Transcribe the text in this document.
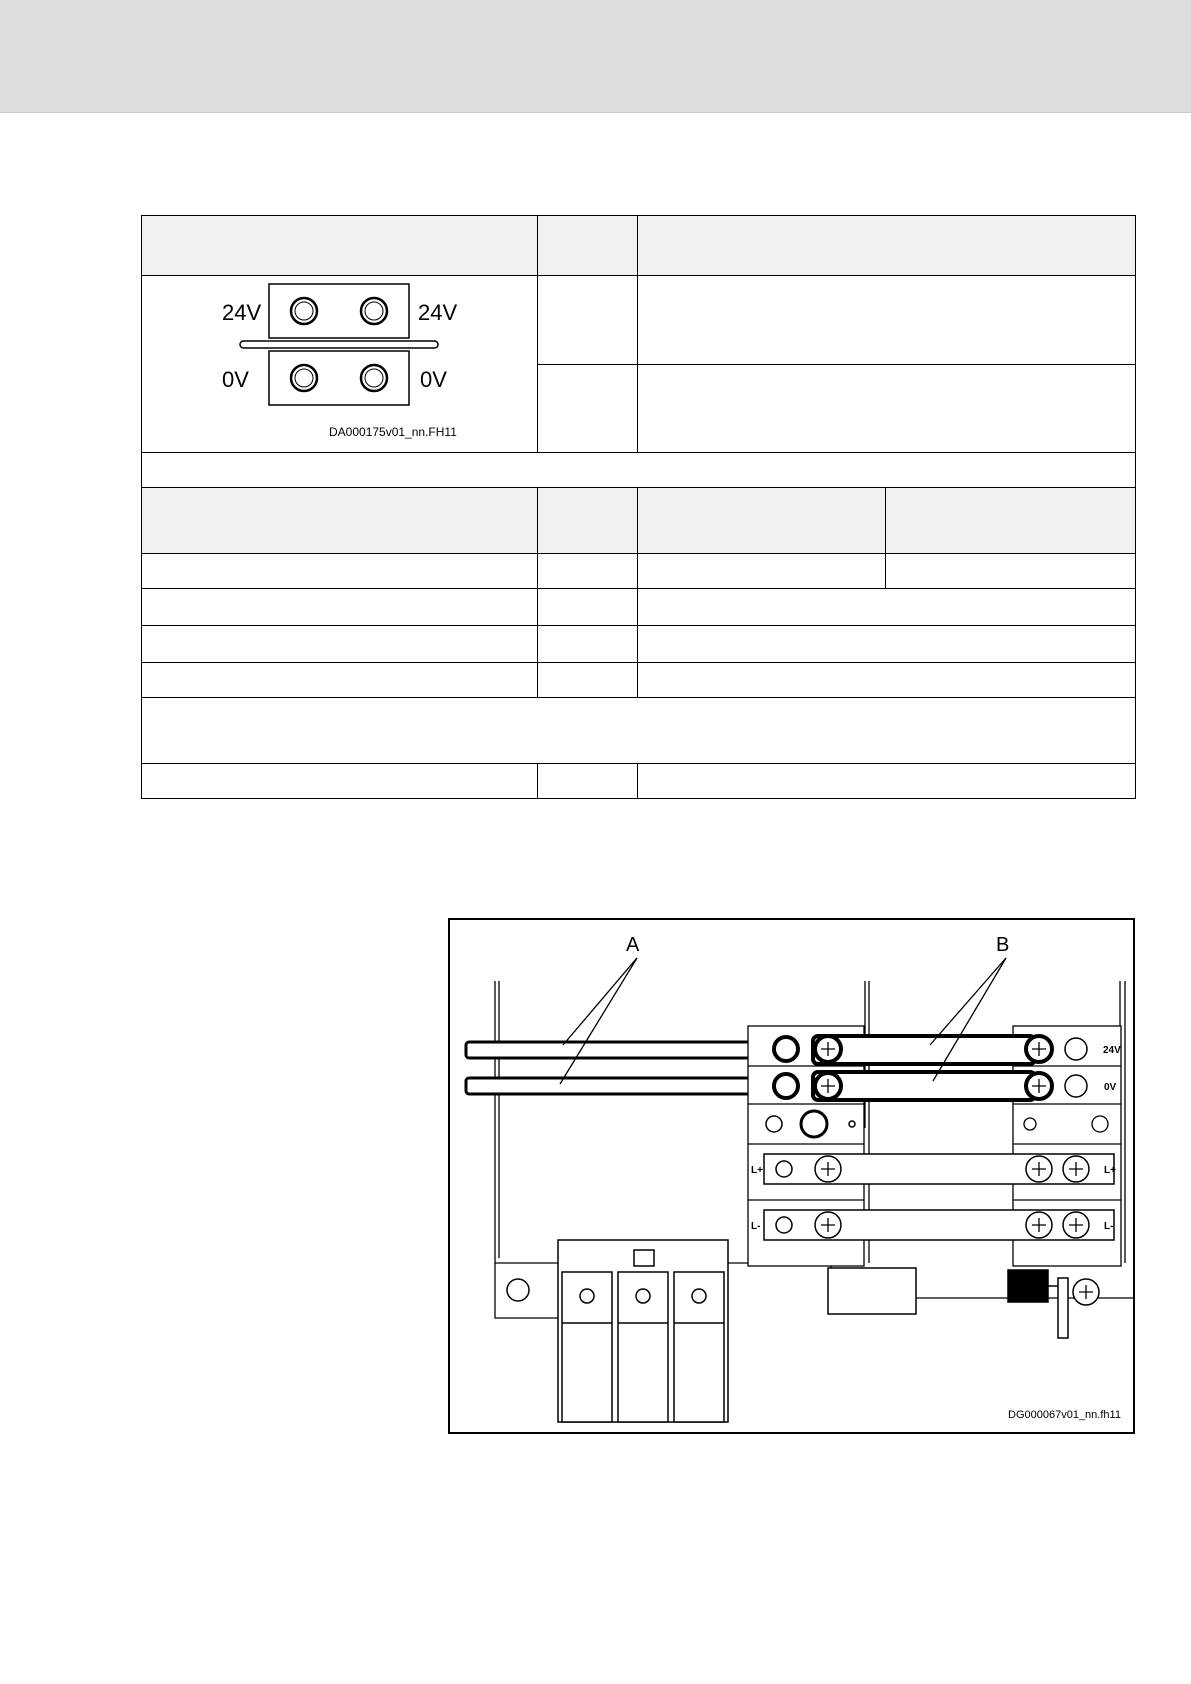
24V 24V
0V 0V
DA000175v01_nn.FH11			

24V
0V
L+
L-
L+
L-
A	B
DG000067v01_nn.fh11
